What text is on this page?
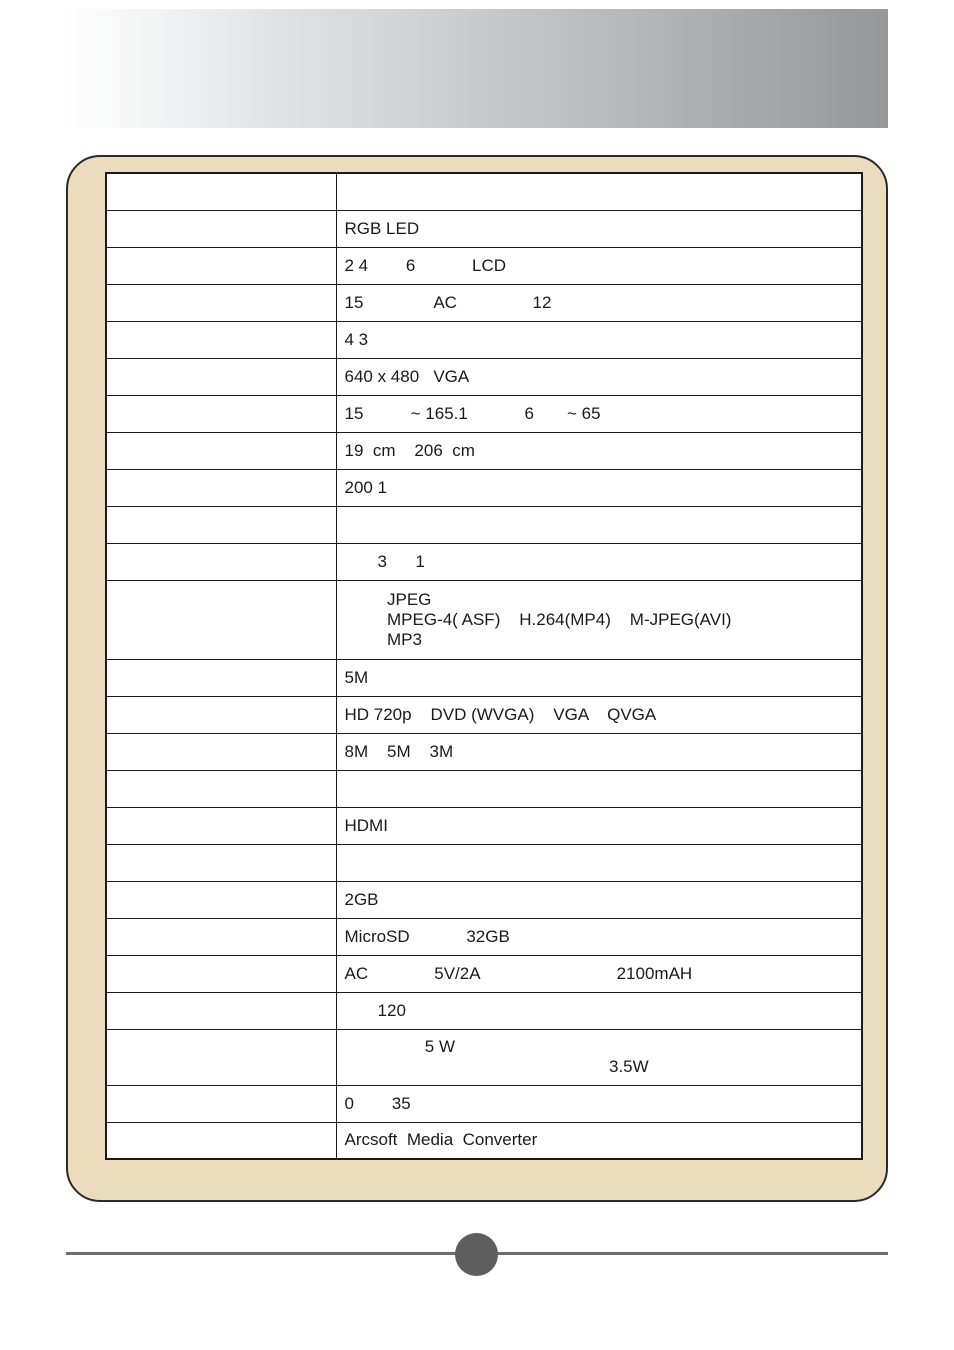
	RGB LED

	2 4        6            LCD

	15               AC                12

	4 3

	640 x 480   VGA

	15          ~ 165.1            6       ~ 65

	19  cm    206  cm

	200 1

	3      1

	JPEG
MPEG-4( ASF)    H.264(MP4)    M-JPEG(AVI)
MP3

	5M

	HD 720p    DVD (WVGA)    VGA    QVGA

	8M    5M    3M

	HDMI

	2GB

	MicroSD            32GB

	AC              5V/2A                             2100mAH

	120

	5 W
3.5W

	0        35

	Arcsoft  Media  Converter
